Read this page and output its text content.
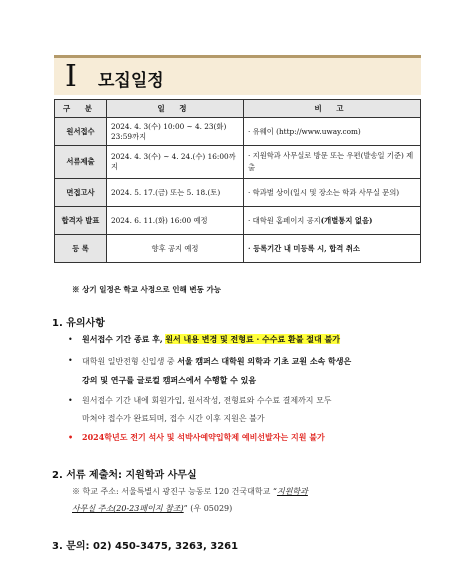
I 모집일정
구 분	일 정	비 고
원서접수	2024. 4. 3(수) 10:00 ~ 4. 23(화) 23:59까지	· 유웨이 (http://www.uway.com)
서류제출	2024. 4. 3(수) ~ 4. 24.(수) 16:00까지	· 지원학과 사무실로 방문 또는 우편(발송일 기준) 제출
면접고사	2024. 5. 17.(금) 또는 5. 18.(토)	· 학과별 상이(일시 및 장소는 학과 사무실 문의)
합격자 발표	2024. 6. 11.(화) 16:00 예정	· 대학원 홈페이지 공지(개별통지 없음)
등 록	향후 공지 예정	· 등록기간 내 미등록 시, 합격 취소
※ 상기 일정은 학교 사정으로 인해 변동 가능
1. 유의사항
•	원서접수 기간 종료 후, 원서 내용 변경 및 전형료 · 수수료 환불 절대 불가
•	대학원 일반전형 신입생 중 서울 캠퍼스 대학원 의학과 기초 교원 소속 학생은
강의 및 연구를 글로컬 캠퍼스에서 수행할 수 있음
•	원서접수 기간 내에 회원가입, 원서작성, 전형료와 수수료 결제까지 모두
마쳐야 접수가 완료되며, 접수 시간 이후 지원은 불가
•	2024학년도 전기 석사 및 석박사예약입학제 예비선발자는 지원 불가
2. 서류 제출처: 지원학과 사무실
※ 학교 주소: 서울특별시 광진구 능동로 120 건국대학교 “지원학과
사무실 주소(20-23페이지 참조)” (우 05029)
3. 문의: 02) 450-3475, 3263, 3261
